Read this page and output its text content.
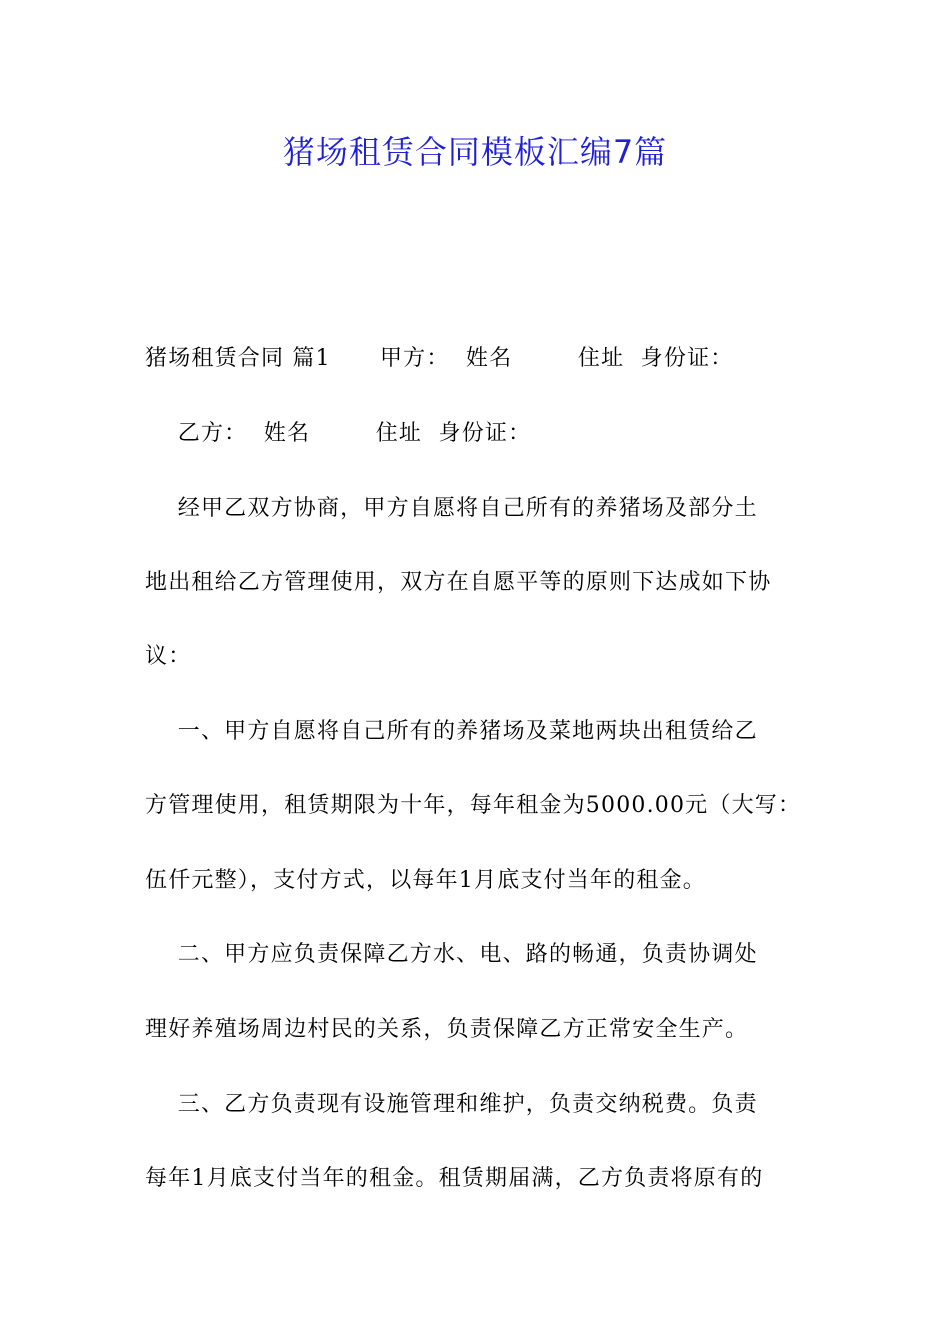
猪场租赁合同模板汇编7篇
猪场租赁合同 篇1      甲方：  姓名        住址  身份证：
乙方：  姓名        住址  身份证：
经甲乙双方协商，甲方自愿将自己所有的养猪场及部分土
地出租给乙方管理使用，双方在自愿平等的原则下达成如下协
议：
一、甲方自愿将自己所有的养猪场及菜地两块出租赁给乙
方管理使用，租赁期限为十年，每年租金为5000.00元（大写：
伍仟元整），支付方式，以每年1月底支付当年的租金。
二、甲方应负责保障乙方水、电、路的畅通，负责协调处
理好养殖场周边村民的关系，负责保障乙方正常安全生产。
三、乙方负责现有设施管理和维护，负责交纳税费。负责
每年1月底支付当年的租金。租赁期届满，乙方负责将原有的
